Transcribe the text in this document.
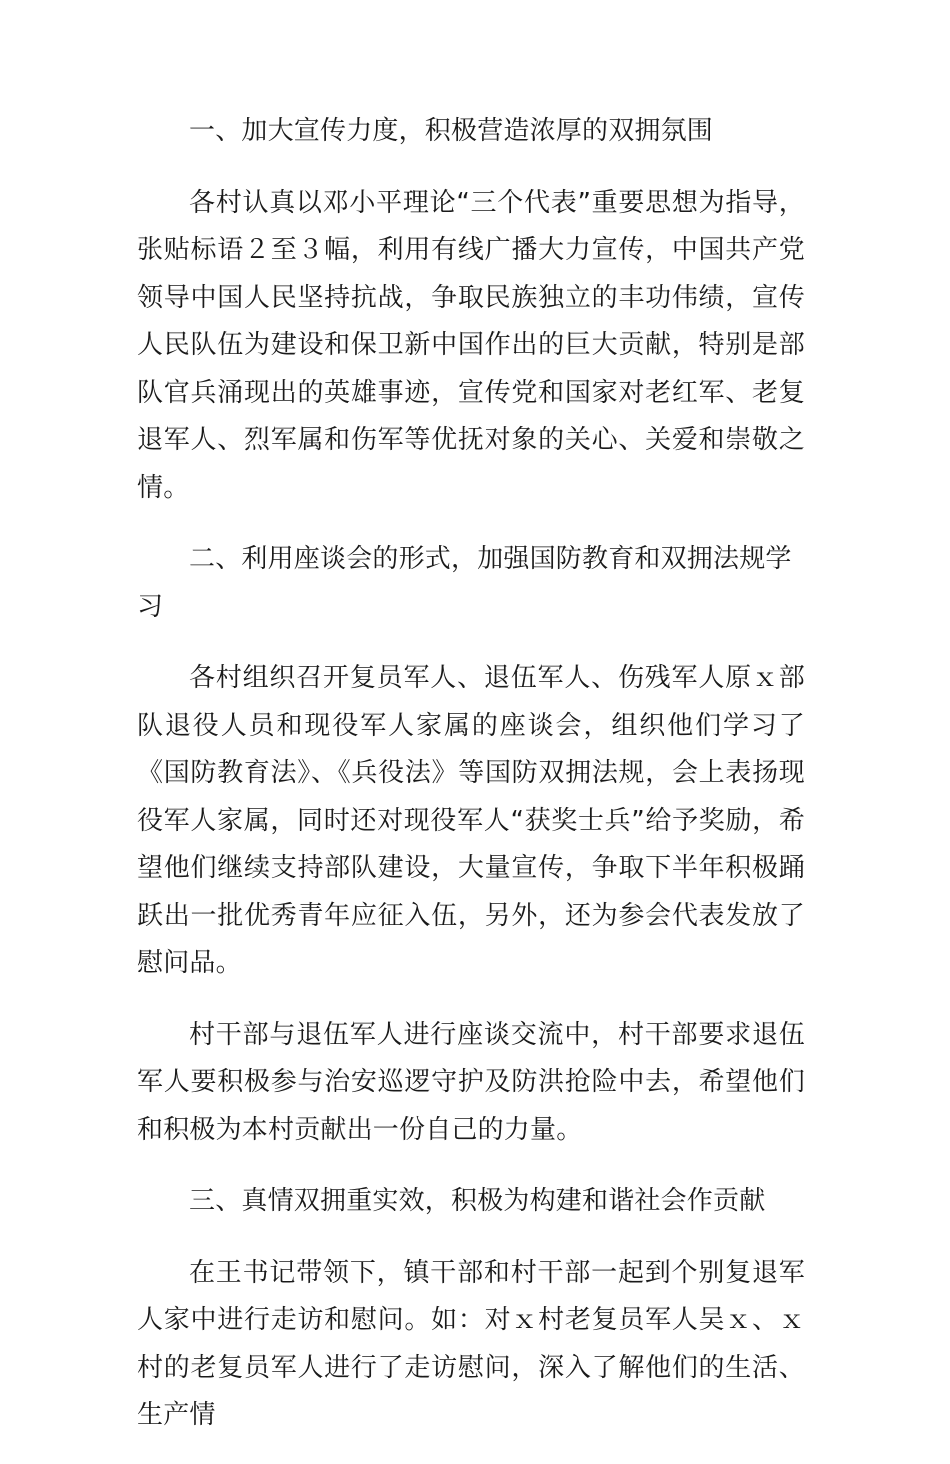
一、加大宣传力度，积极营造浓厚的双拥氛围

各村认真以邓小平理论“三个代表”重要思想为指导，张贴标语２至３幅，利用有线广播大力宣传，中国共产党领导中国人民坚持抗战，争取民族独立的丰功伟绩，宣传人民队伍为建设和保卫新中国作出的巨大贡献，特别是部队官兵涌现出的英雄事迹，宣传党和国家对老红军、老复退军人、烈军属和伤军等优抚对象的关心、关爱和崇敬之情。

二、利用座谈会的形式，加强国防教育和双拥法规学习

各村组织召开复员军人、退伍军人、伤残军人原ｘ部队退役人员和现役军人家属的座谈会，组织他们学习了《国防教育法》、《兵役法》等国防双拥法规，会上表扬现役军人家属，同时还对现役军人“获奖士兵”给予奖励，希望他们继续支持部队建设，大量宣传，争取下半年积极踊跃出一批优秀青年应征入伍，另外，还为参会代表发放了慰问品。

村干部与退伍军人进行座谈交流中，村干部要求退伍军人要积极参与治安巡逻守护及防洪抢险中去，希望他们和积极为本村贡献出一份自己的力量。

三、真情双拥重实效，积极为构建和谐社会作贡献

在王书记带领下，镇干部和村干部一起到个别复退军人家中进行走访和慰问。如：对ｘ村老复员军人吴ｘ、ｘ村的老复员军人进行了走访慰问，深入了解他们的生活、生产情
